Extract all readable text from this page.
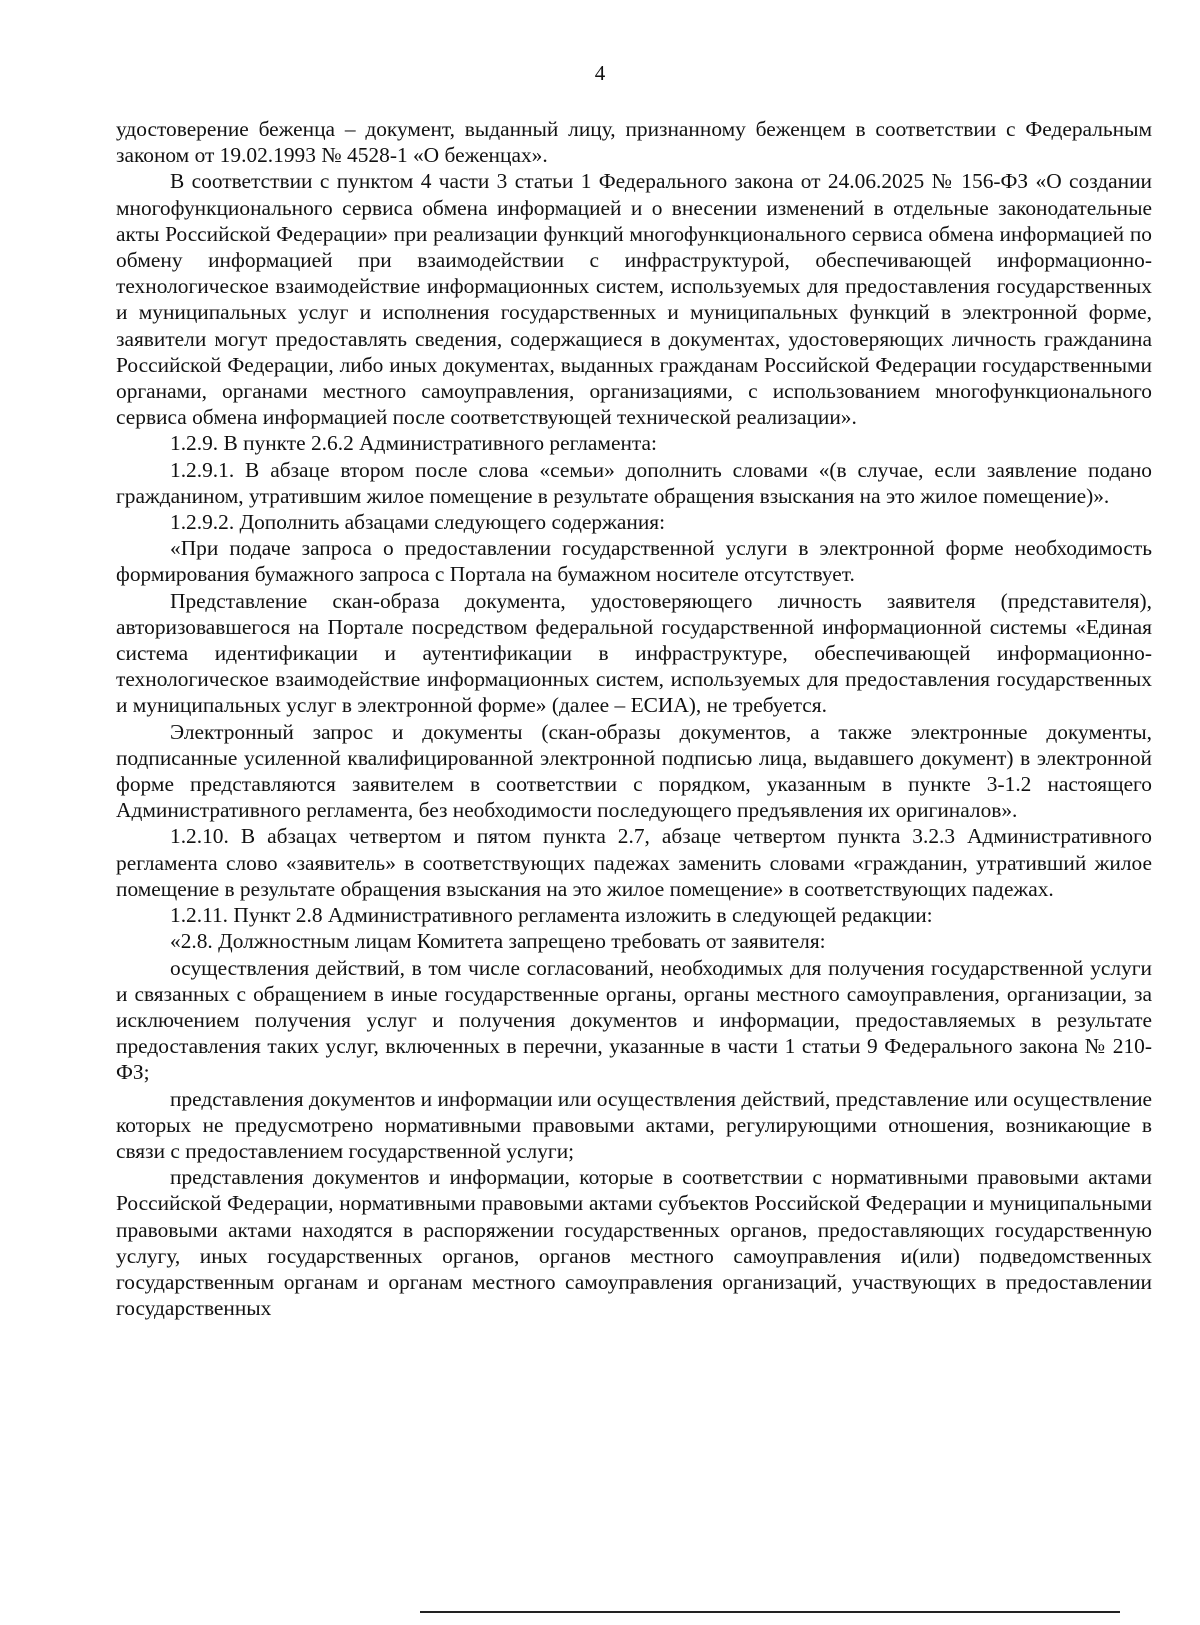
4

удостоверение беженца – документ, выданный лицу, признанному беженцем в соответствии с Федеральным законом от 19.02.1993 № 4528-1 «О беженцах».

В соответствии с пунктом 4 части 3 статьи 1 Федерального закона от 24.06.2025 № 156-ФЗ «О создании многофункционального сервиса обмена информацией и о внесении изменений в отдельные законодательные акты Российской Федерации» при реализации функций многофункционального сервиса обмена информацией по обмену информацией при взаимодействии с инфраструктурой, обеспечивающей информационно-технологическое взаимодействие информационных систем, используемых для предоставления государственных и муниципальных услуг и исполнения государственных и муниципальных функций в электронной форме, заявители могут предоставлять сведения, содержащиеся в документах, удостоверяющих личность гражданина Российской Федерации, либо иных документах, выданных гражданам Российской Федерации государственными органами, органами местного самоуправления, организациями, с использованием многофункционального сервиса обмена информацией после соответствующей технической реализации».

1.2.9. В пункте 2.6.2 Административного регламента:

1.2.9.1. В абзаце втором после слова «семьи» дополнить словами «(в случае, если заявление подано гражданином, утратившим жилое помещение в результате обращения взыскания на это жилое помещение)».

1.2.9.2. Дополнить абзацами следующего содержания:

«При подаче запроса о предоставлении государственной услуги в электронной форме необходимость формирования бумажного запроса с Портала на бумажном носителе отсутствует.

Представление скан-образа документа, удостоверяющего личность заявителя (представителя), авторизовавшегося на Портале посредством федеральной государственной информационной системы «Единая система идентификации и аутентификации в инфраструктуре, обеспечивающей информационно-технологическое взаимодействие информационных систем, используемых для предоставления государственных и муниципальных услуг в электронной форме» (далее – ЕСИА), не требуется.

Электронный запрос и документы (скан-образы документов, а также электронные документы, подписанные усиленной квалифицированной электронной подписью лица, выдавшего документ) в электронной форме представляются заявителем в соответствии с порядком, указанным в пункте 3-1.2 настоящего Административного регламента, без необходимости последующего предъявления их оригиналов».

1.2.10. В абзацах четвертом и пятом пункта 2.7, абзаце четвертом пункта 3.2.3 Административного регламента слово «заявитель» в соответствующих падежах заменить словами «гражданин, утративший жилое помещение в результате обращения взыскания на это жилое помещение» в соответствующих падежах.

1.2.11. Пункт 2.8 Административного регламента изложить в следующей редакции:

«2.8. Должностным лицам Комитета запрещено требовать от заявителя:

осуществления действий, в том числе согласований, необходимых для получения государственной услуги и связанных с обращением в иные государственные органы, органы местного самоуправления, организации, за исключением получения услуг и получения документов и информации, предоставляемых в результате предоставления таких услуг, включенных в перечни, указанные в части 1 статьи 9 Федерального закона № 210-ФЗ;

представления документов и информации или осуществления действий, представление или осуществление которых не предусмотрено нормативными правовыми актами, регулирующими отношения, возникающие в связи с предоставлением государственной услуги;

представления документов и информации, которые в соответствии с нормативными правовыми актами Российской Федерации, нормативными правовыми актами субъектов Российской Федерации и муниципальными правовыми актами находятся в распоряжении государственных органов, предоставляющих государственную услугу, иных государственных органов, органов местного самоуправления и(или) подведомственных государственным органам и органам местного самоуправления организаций, участвующих в предоставлении государственных
